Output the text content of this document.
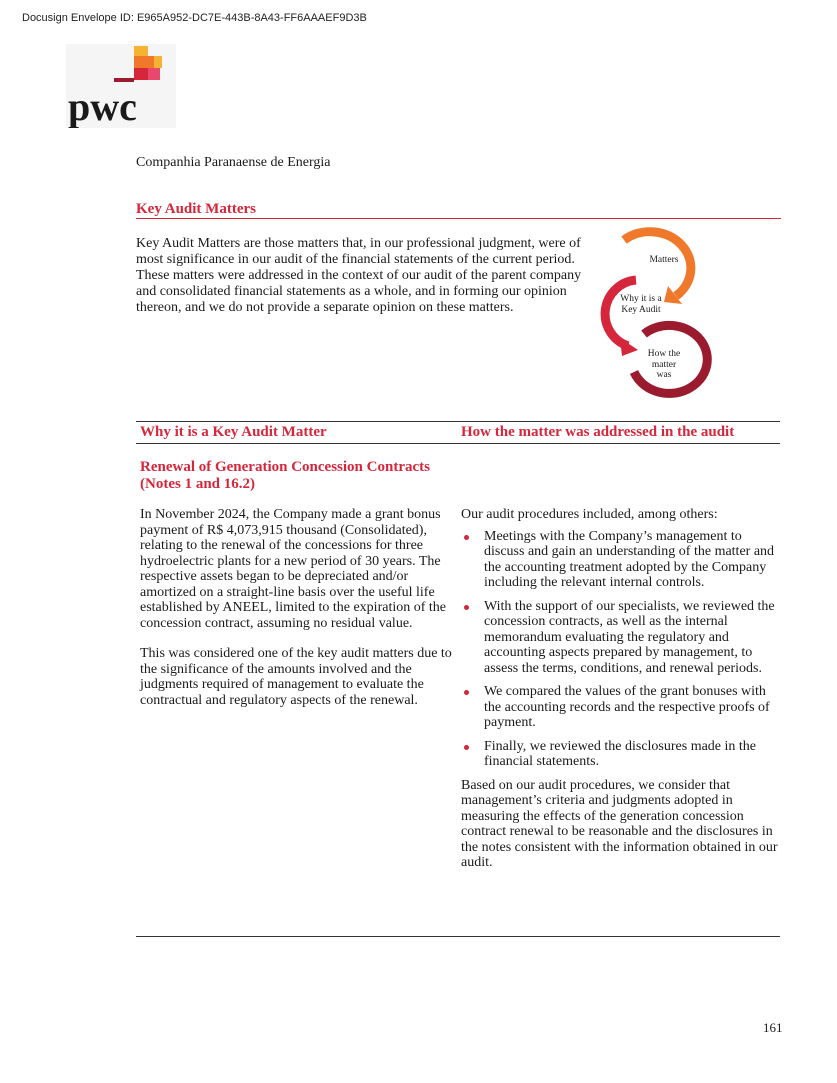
Docusign Envelope ID: E965A952-DC7E-443B-8A43-FF6AAAEF9D3B
pwc
Companhia Paranaense de Energia
Key Audit Matters
Key Audit Matters are those matters that, in our professional judgment, were of most significance in our audit of the financial statements of the current period. These matters were addressed in the context of our audit of the parent company and consolidated financial statements as a whole, and in forming our opinion thereon, and we do not provide a separate opinion on these matters.
Matters
Why it is a Key Audit
How the matter was
Why it is a Key Audit Matter	How the matter was addressed in the audit
Renewal of Generation Concession Contracts (Notes 1 and 16.2)

In November 2024, the Company made a grant bonus payment of R$ 4,073,915 thousand (Consolidated), relating to the renewal of the concessions for three hydroelectric plants for a new period of 30 years. The respective assets began to be depreciated and/or amortized on a straight-line basis over the useful life established by ANEEL, limited to the expiration of the concession contract, assuming no residual value.

This was considered one of the key audit matters due to the significance of the amounts involved and the judgments required of management to evaluate the contractual and regulatory aspects of the renewal.

Our audit procedures included, among others:

Meetings with the Company’s management to discuss and gain an understanding of the matter and the accounting treatment adopted by the Company including the relevant internal controls.
With the support of our specialists, we reviewed the concession contracts, as well as the internal memorandum evaluating the regulatory and accounting aspects prepared by management, to assess the terms, conditions, and renewal periods.
We compared the values of the grant bonuses with the accounting records and the respective proofs of payment.
Finally, we reviewed the disclosures made in the financial statements.

Based on our audit procedures, we consider that management’s criteria and judgments adopted in measuring the effects of the generation concession contract renewal to be reasonable and the disclosures in the notes consistent with the information obtained in our audit.

161
